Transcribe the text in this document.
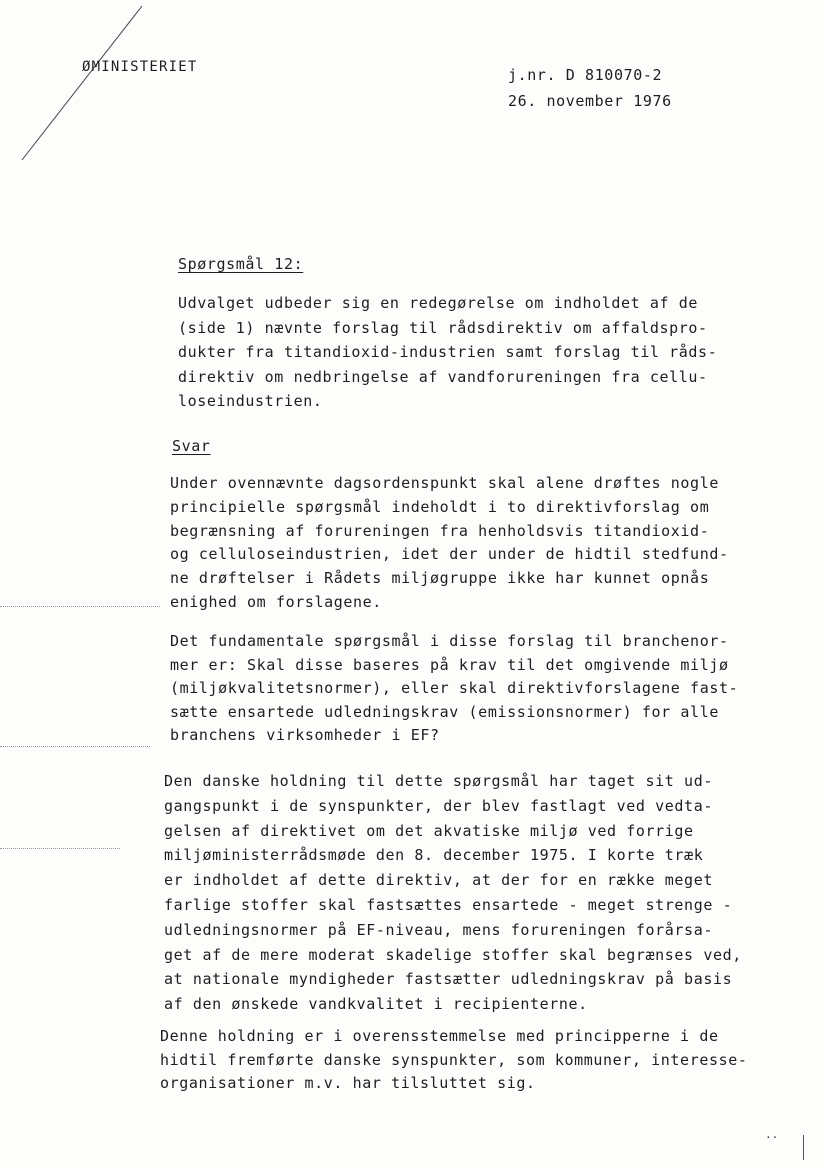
ØMINISTERIET	j.nr. D 810070-2
26. november 1976
Spørgsmål 12:
Udvalget udbeder sig en redegørelse om indholdet af de
(side 1) nævnte forslag til rådsdirektiv om affaldspro-
dukter fra titandioxid-industrien samt forslag til råds-
direktiv om nedbringelse af vandforureningen fra cellu-
loseindustrien.
Svar
Under ovennævnte dagsordenspunkt skal alene drøftes nogle
principielle spørgsmål indeholdt i to direktivforslag om
begrænsning af forureningen fra henholdsvis titandioxid-
og celluloseindustrien, idet der under de hidtil stedfund-
ne drøftelser i Rådets miljøgruppe ikke har kunnet opnås
enighed om forslagene.
Det fundamentale spørgsmål i disse forslag til branchenor-
mer er: Skal disse baseres på krav til det omgivende miljø
(miljøkvalitetsnormer), eller skal direktivforslagene fast-
sætte ensartede udledningskrav (emissionsnormer) for alle
branchens virksomheder i EF?
Den danske holdning til dette spørgsmål har taget sit ud-
gangspunkt i de synspunkter, der blev fastlagt ved vedta-
gelsen af direktivet om det akvatiske miljø ved forrige
miljøministerrådsmøde den 8. december 1975. I korte træk
er indholdet af dette direktiv, at der for en række meget
farlige stoffer skal fastsættes ensartede - meget strenge -
udledningsnormer på EF-niveau, mens forureningen forårsa-
get af de mere moderat skadelige stoffer skal begrænses ved,
at nationale myndigheder fastsætter udledningskrav på basis
af den ønskede vandkvalitet i recipienterne.
Denne holdning er i overensstemmelse med principperne i de
hidtil fremførte danske synspunkter, som kommuner, interesse-
organisationer m.v. har tilsluttet sig.
..
